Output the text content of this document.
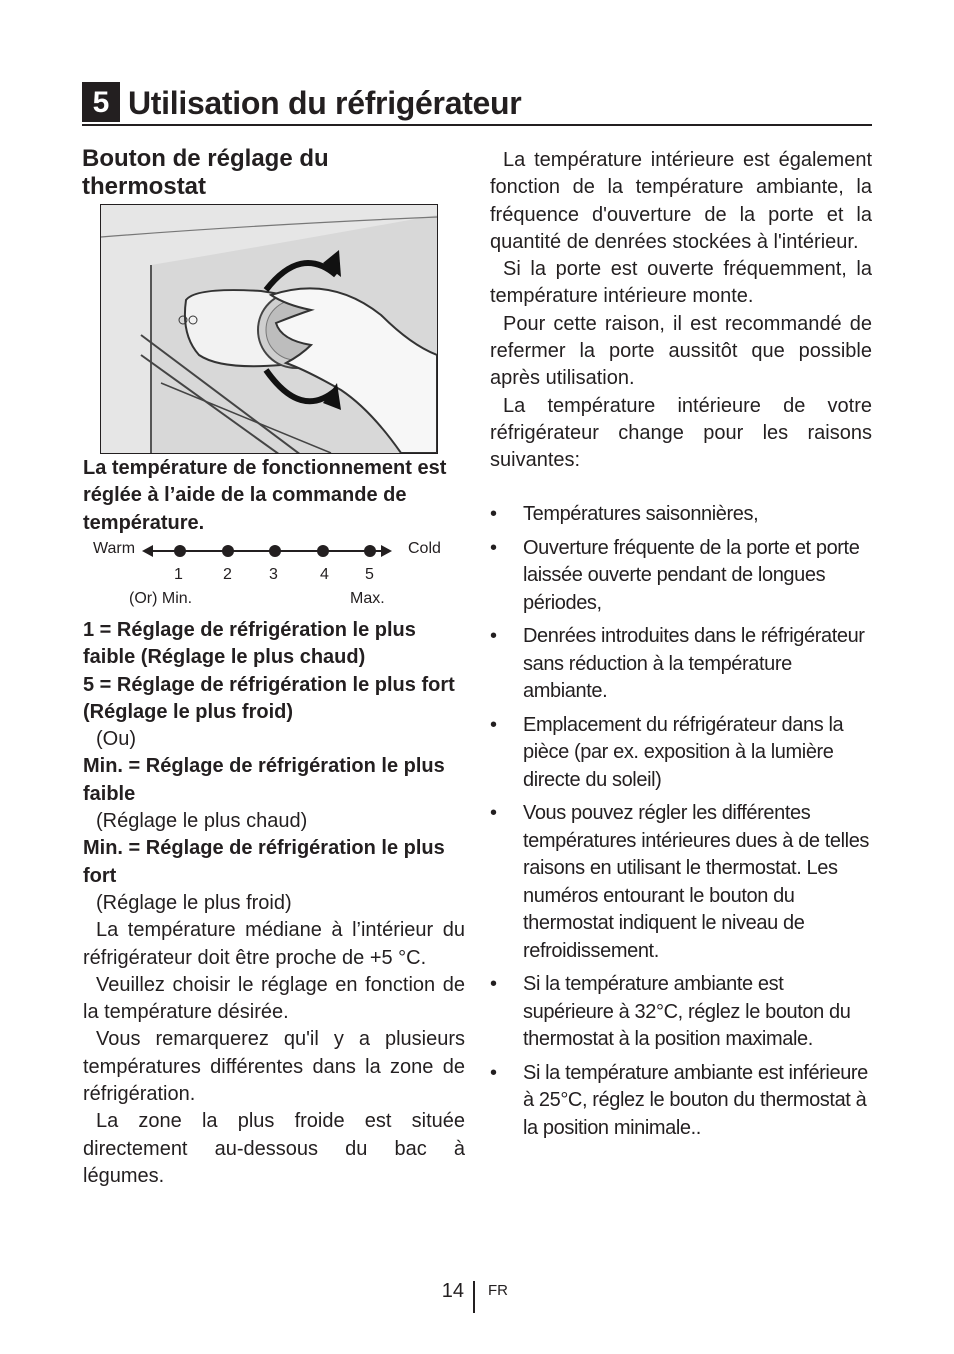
5 Utilisation du réfrigérateur
Bouton de réglage du thermostat
La température de fonctionnement est réglée à l’aide de la commande de température.
Warm	Cold
1	2 3	4 5
(Or) Min.	Max.

1 = Réglage de réfrigération le plus faible (Réglage le plus chaud)

5 = Réglage de réfrigération le plus fort (Réglage le plus froid)

(Ou)

Min. = Réglage de réfrigération le plus faible

(Réglage le plus chaud)

Min. = Réglage de réfrigération le plus fort

(Réglage le plus froid)

La température médiane à l’intérieur du réfrigérateur doit être proche de +5 °C.

Veuillez choisir le réglage en fonction de la température désirée.

Vous remarquerez qu'il y a plusieurs températures différentes dans la zone de réfrigération.

La zone la plus froide est située directement au-dessous du bac à légumes.

La température intérieure est également fonction de la température ambiante, la fréquence d'ouverture de la porte et la quantité de denrées stockées à l'intérieur.

Si la porte est ouverte fréquemment, la température intérieure monte.

Pour cette raison, il est recommandé de refermer la porte aussitôt que possible après utilisation.

La température intérieure de votre réfrigérateur change pour les raisons suivantes:

• Températures saisonnières,
• Ouverture fréquente de la porte et porte laissée ouverte pendant de longues périodes,
• Denrées introduites dans le réfrigérateur sans réduction à la température ambiante.
• Emplacement du réfrigérateur dans la pièce (par ex. exposition à la lumière directe du soleil)
• Vous pouvez régler les différentes températures intérieures dues à de telles raisons en utilisant le thermostat. Les numéros entourant le bouton du thermostat indiquent le niveau de refroidissement.
• Si la température ambiante est supérieure à 32°C, réglez le bouton du thermostat à la position maximale.
• Si la température ambiante est inférieure à 25°C, réglez le bouton du thermostat à la position minimale..
14 FR
